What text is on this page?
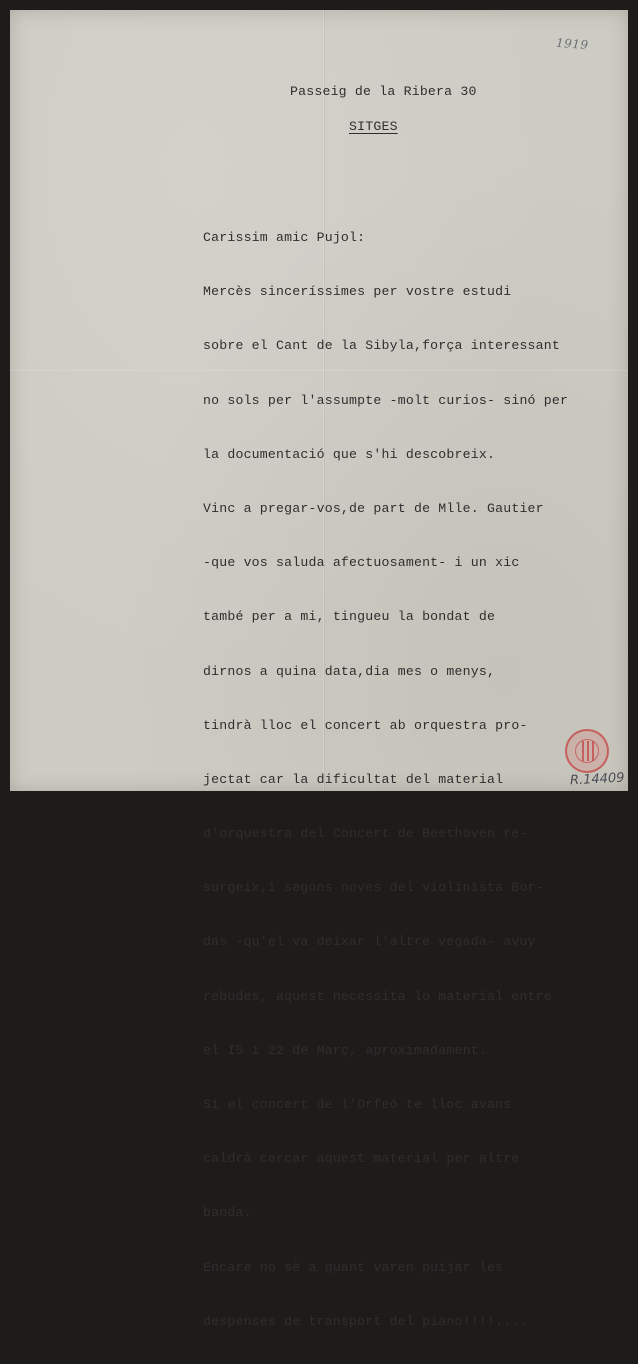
1919
Passeig de la Ribera 30
SITGES

Carissim amic Pujol:

Mercès sinceríssimes per vostre estudi

sobre el Cant de la Sibyla,força interessant

no sols per l'assumpte -molt curios- sinó per

la documentació que s'hi descobreix.

Vinc a pregar-vos,de part de Mlle. Gautier

-que vos saluda afectuosament- i un xic

també per a mi, tingueu la bondat de

dirnos a quina data,dia mes o menys,

tindrà lloc el concert ab orquestra pro-

jectat car la dificultat del material

d'orquestra del Concert de Beethoven re-

surgeix,i segons noves del violinista Bor-

das -qu'el va deixar l'altre vegada- avuy

rebudes, aquest necessita lo material entre

el I5 i 22 de Març, aproximadament.

Si el concert de l'Orfeó te lloc avans

caldrà cercar aquest material per altre

banda.

Encare no sè a quant varen puijar les

despenses de transport del piano!!!!....

R.14409
